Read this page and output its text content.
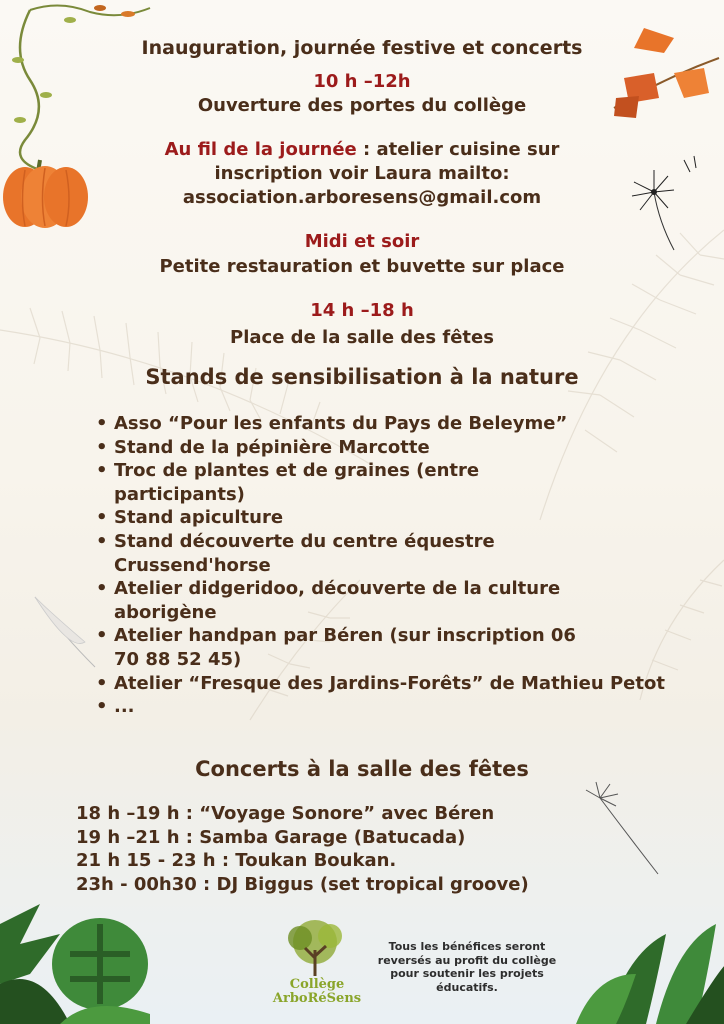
Inauguration, journée festive et concerts
10 h –12h
Ouverture des portes du collège
Au fil de la journée : atelier cuisine sur
inscription voir Laura mailto:
association.arboresens@gmail.com
Midi et soir
Petite restauration et buvette sur place
14 h –18 h
Place de la salle des fêtes
Stands de sensibilisation à la nature
• Asso “Pour les enfants du Pays de Beleyme”
• Stand de la pépinière Marcotte
• Troc de plantes et de graines (entre participants)
• Stand apiculture
• Stand découverte du centre équestre Crussend'horse
• Atelier didgeridoo, découverte de la culture aborigène
• Atelier handpan par Béren (sur inscription 06 70 88 52 45)
• Atelier “Fresque des Jardins-Forêts” de Mathieu Petot
• ...
Concerts à la salle des fêtes
18 h –19 h : “Voyage Sonore” avec Béren
19 h –21 h : Samba Garage (Batucada)
21 h 15 - 23 h : Toukan Boukan.
23h - 00h30 : DJ Biggus (set tropical groove)
Tous les bénéfices seront reversés au profit du collège pour soutenir les projets éducatifs.
Collège
ArboRéSens
